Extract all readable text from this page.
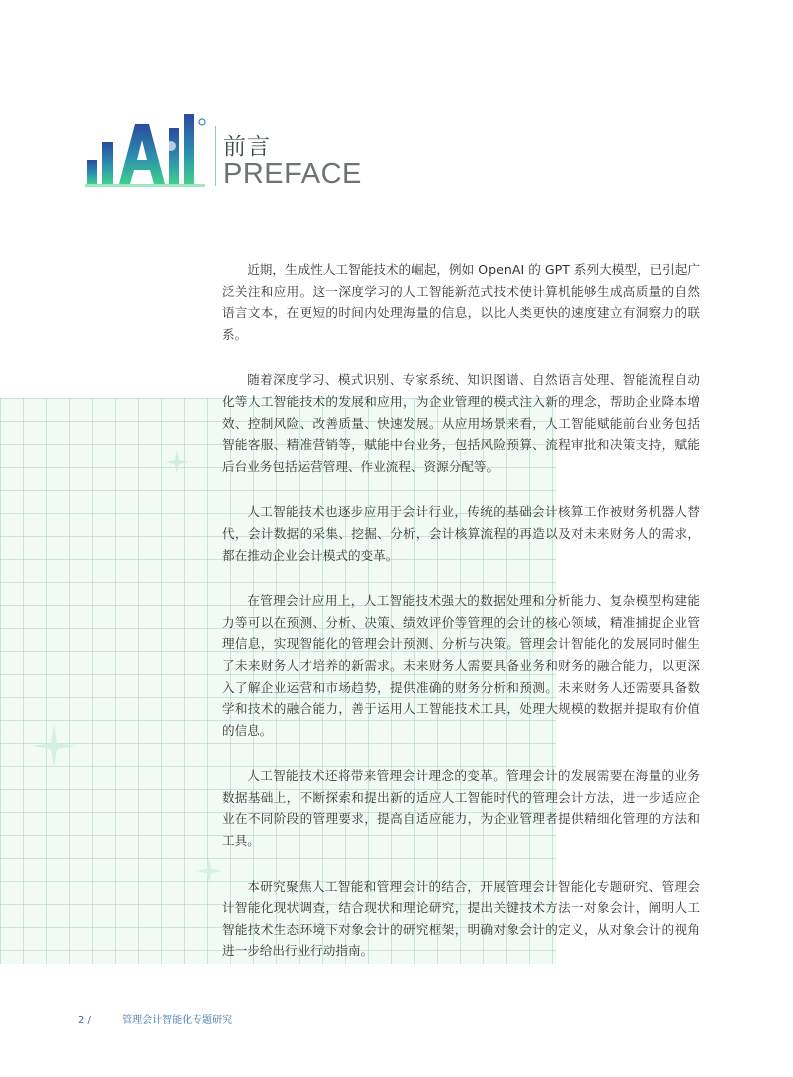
前言
PREFACE

近期，生成性人工智能技术的崛起，例如 OpenAI 的 GPT 系列大模型，已引起广泛关注和应用。这一深度学习的人工智能新范式技术使计算机能够生成高质量的自然语言文本，在更短的时间内处理海量的信息，以比人类更快的速度建立有洞察力的联系。

随着深度学习、模式识别、专家系统、知识图谱、自然语言处理、智能流程自动化等人工智能技术的发展和应用，为企业管理的模式注入新的理念，帮助企业降本增效、控制风险、改善质量、快速发展。从应用场景来看，人工智能赋能前台业务包括智能客服、精准营销等，赋能中台业务，包括风险预算、流程审批和决策支持，赋能后台业务包括运营管理、作业流程、资源分配等。

人工智能技术也逐步应用于会计行业，传统的基础会计核算工作被财务机器人替代，会计数据的采集、挖掘、分析，会计核算流程的再造以及对未来财务人的需求，都在推动企业会计模式的变革。

在管理会计应用上，人工智能技术强大的数据处理和分析能力、复杂模型构建能力等可以在预测、分析、决策、绩效评价等管理的会计的核心领域，精准捕捉企业管理信息，实现智能化的管理会计预测、分析与决策。管理会计智能化的发展同时催生了未来财务人才培养的新需求。未来财务人需要具备业务和财务的融合能力，以更深入了解企业运营和市场趋势，提供准确的财务分析和预测。未来财务人还需要具备数学和技术的融合能力，善于运用人工智能技术工具，处理大规模的数据并提取有价值的信息。

人工智能技术还将带来管理会计理念的变革。管理会计的发展需要在海量的业务数据基础上，不断探索和提出新的适应人工智能时代的管理会计方法，进一步适应企业在不同阶段的管理要求，提高自适应能力，为企业管理者提供精细化管理的方法和工具。

本研究聚焦人工智能和管理会计的结合，开展管理会计智能化专题研究、管理会计智能化现状调查，结合现状和理论研究，提出关键技术方法一对象会计，阐明人工智能技术生态环境下对象会计的研究框架，明确对象会计的定义，从对象会计的视角进一步给出行业行动指南。

2 /	管理会计智能化专题研究
